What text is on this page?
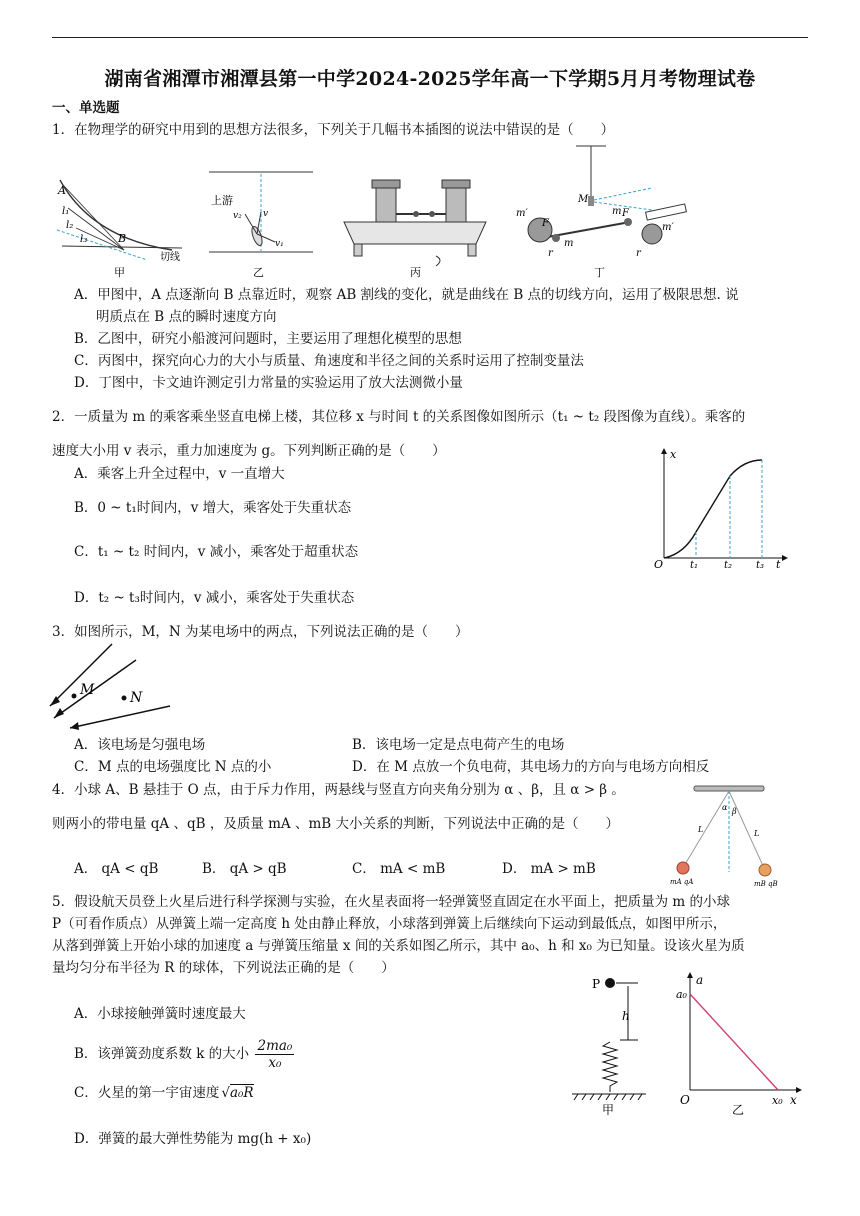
湖南省湘潭市湘潭县第一中学2024-2025学年高一下学期5月月考物理试卷
一、单选题
1．在物理学的研究中用到的思想方法很多，下列关于几幅书本插图的说法中错误的是（　　）
A
l₁
l₂
l₃	B
切线
甲
上游
v₂ v
v₁
乙	丙
m′
F
m
M
F
m
m′
r	r
丁
A．甲图中，A 点逐渐向 B 点靠近时，观察 AB 割线的变化，就是曲线在 B 点的切线方向，运用了极限思想. 说
明质点在 B 点的瞬时速度方向
B．乙图中，研究小船渡河问题时，主要运用了理想化模型的思想
C．丙图中，探究向心力的大小与质量、角速度和半径之间的关系时运用了控制变量法
D．丁图中，卡文迪许测定引力常量的实验运用了放大法测微小量
2．一质量为 m 的乘客乘坐竖直电梯上楼，其位移 x 与时间 t 的关系图像如图所示（t₁ ~ t₂ 段图像为直线）。乘客的
速度大小用 v 表示，重力加速度为 g。下列判断正确的是（　　）
A．乘客上升全过程中，v 一直增大
B．0 ~ t₁时间内，v 增大，乘客处于失重状态
C．t₁ ~ t₂ 时间内，v 减小，乘客处于超重状态
D．t₂ ~ t₃时间内，v 减小，乘客处于失重状态
x
O	t₁	t₂ t₃ t
3．如图所示，M，N 为某电场中的两点，下列说法正确的是（　　）
M	N
A．该电场是匀强电场	B．该电场一定是点电荷产生的电场
C．M 点的电场强度比 N 点的小	D．在 M 点放一个负电荷，其电场力的方向与电场方向相反
4．小球 A、B 悬挂于 O 点，由于斥力作用，两悬线与竖直方向夹角分别为 α 、β，且 α > β 。
则两小的带电量 qA 、qB ，及质量 mA 、mB 大小关系的判断，下列说法中正确的是（　　）
A． qA < qB	B． qA > qB	C． mA < mB	D． mA > mB
α β
L	L
mA qA	mB qB
5．假设航天员登上火星后进行科学探测与实验，在火星表面将一轻弹簧竖直固定在水平面上，把质量为 m 的小球
P（可看作质点）从弹簧上端一定高度 h 处由静止释放，小球落到弹簧上后继续向下运动到最低点，如图甲所示，
从落到弹簧上开始小球的加速度 a 与弹簧压缩量 x 间的关系如图乙所示，其中 a₀、h 和 x₀ 为已知量。设该火星为质
量均匀分布半径为 R 的球体，下列说法正确的是（　　）
A．小球接触弹簧时速度最大
B．该弹簧劲度系数 k 的大小 $\frac{\text{2ma₀}}{\text{x₀}}$
C．火星的第一宇宙速度 √a₀R
D．弹簧的最大弹性势能为 mg(h + x₀)
P
h
甲
a
a₀
O	x₀ x
乙
